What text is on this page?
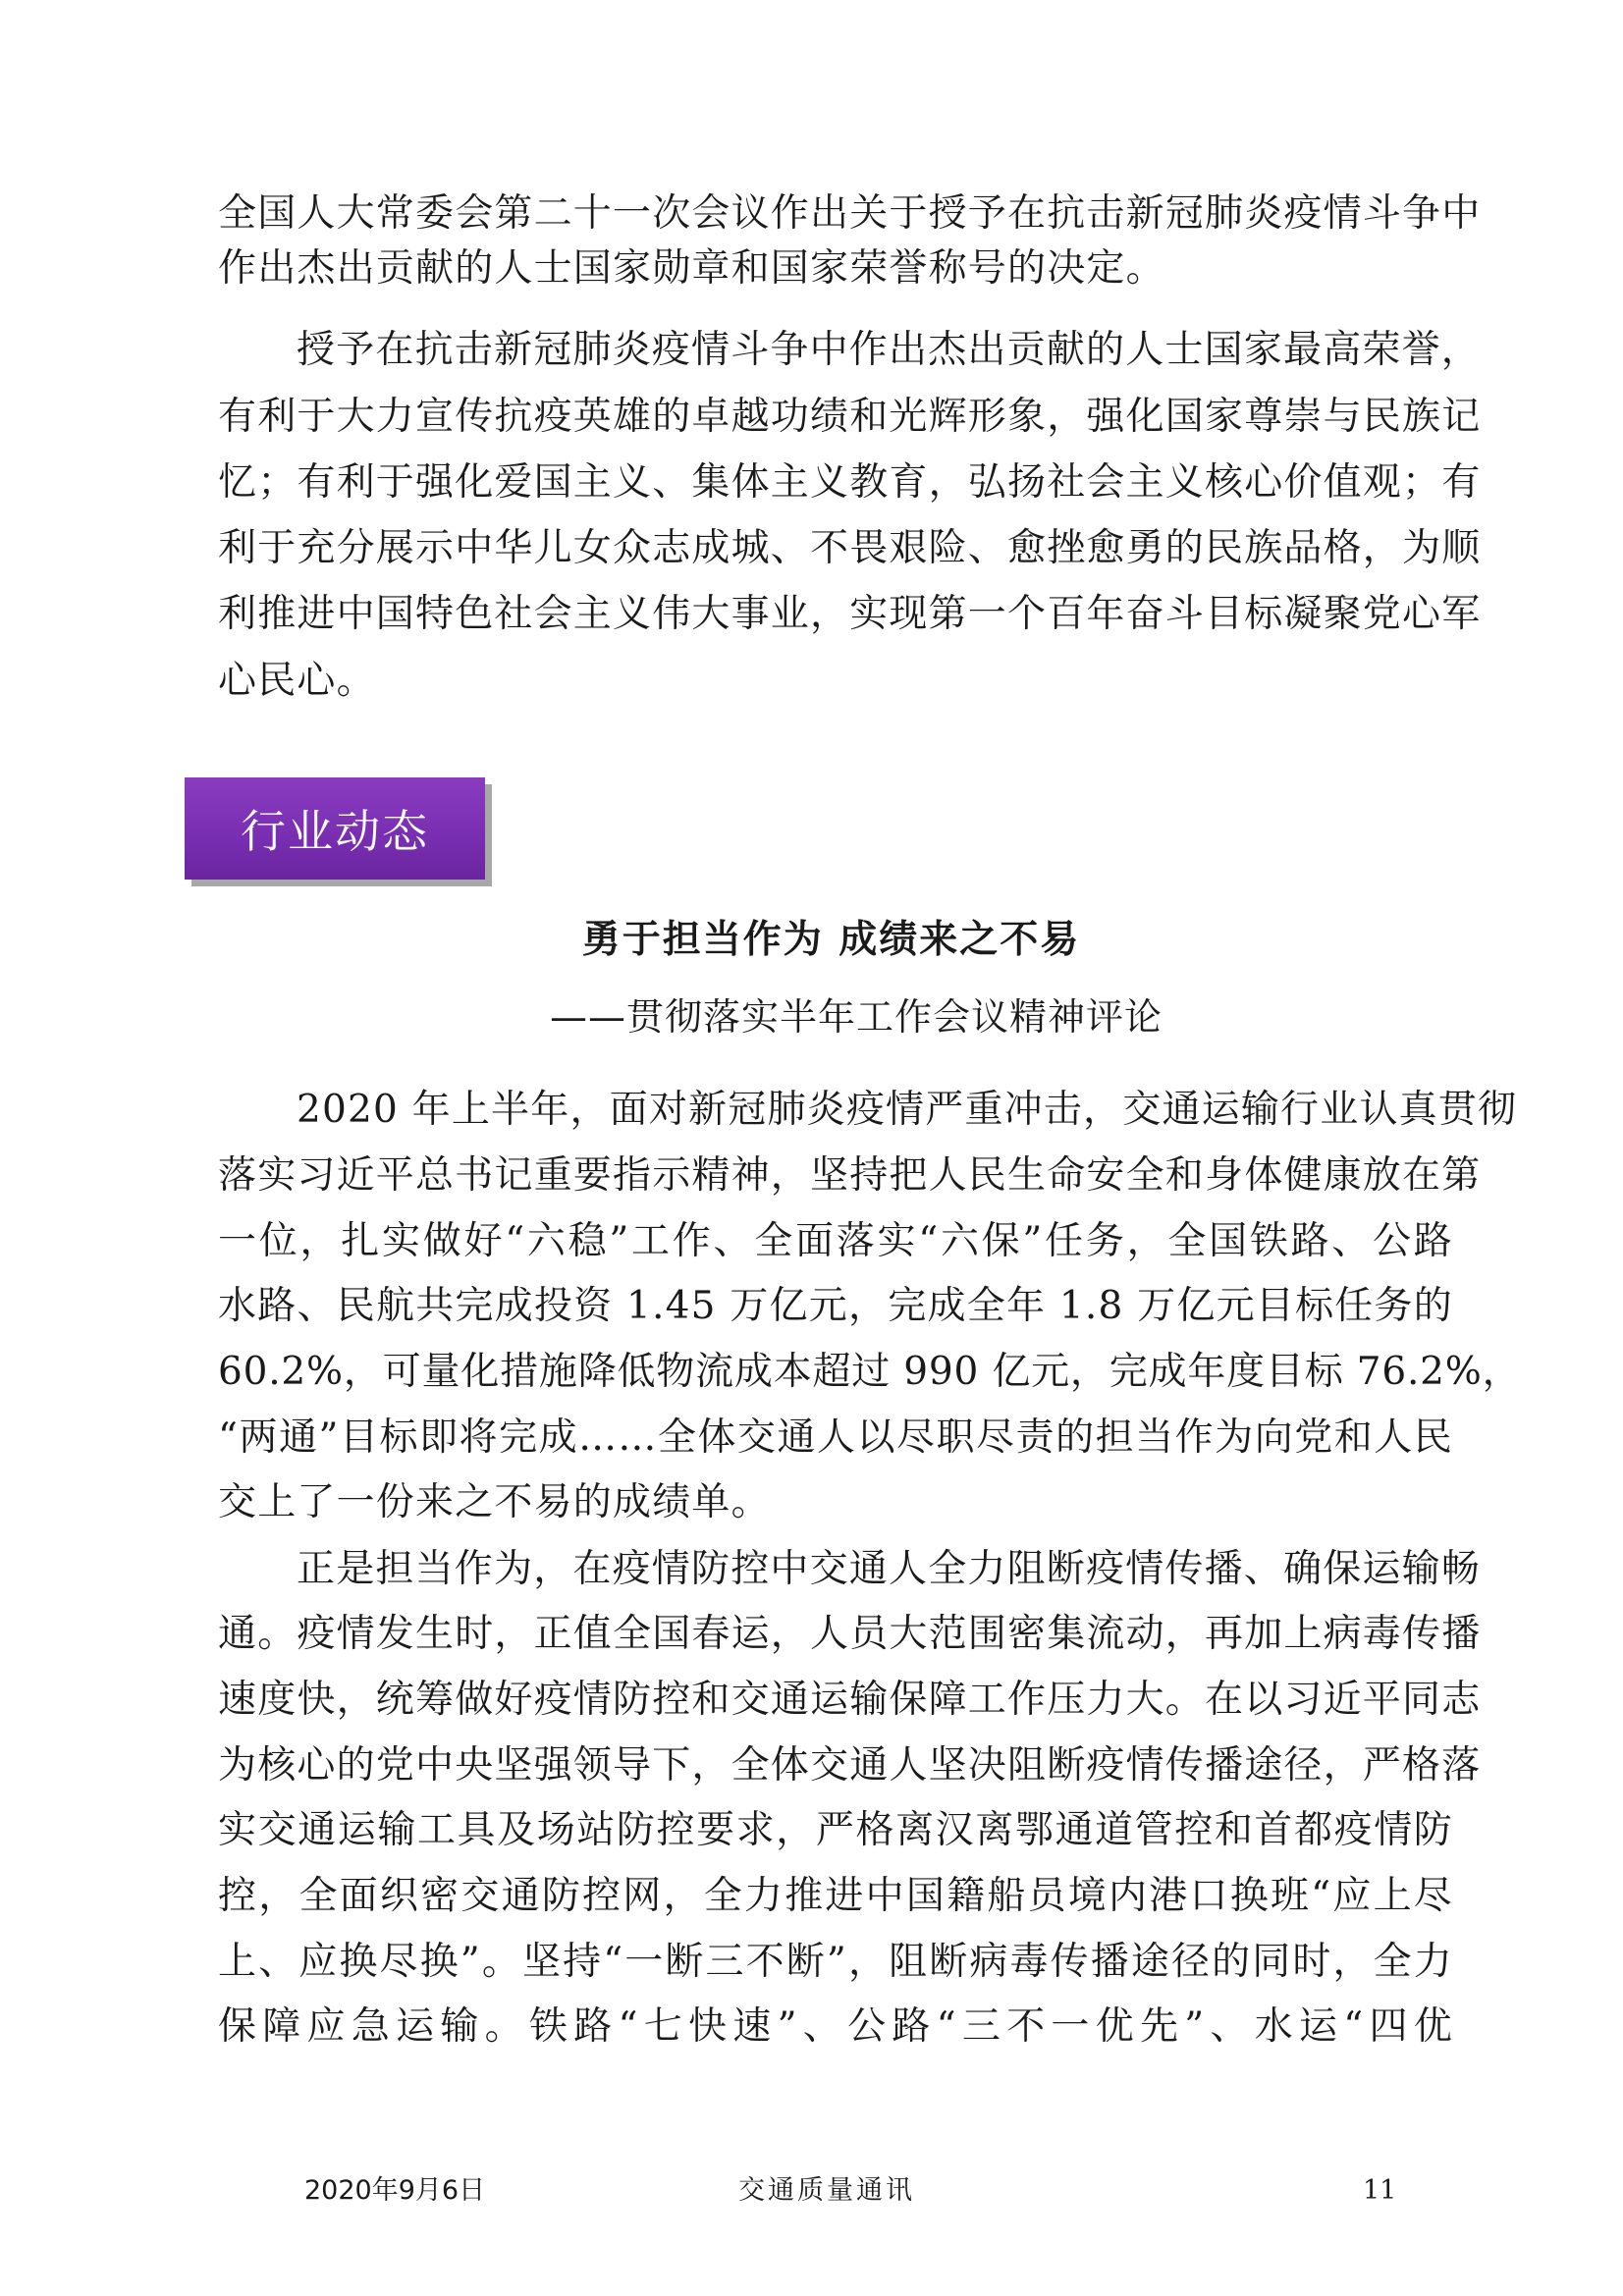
全国人大常委会第二十一次会议作出关于授予在抗击新冠肺炎疫情斗争中
作出杰出贡献的人士国家勋章和国家荣誉称号的决定。
授予在抗击新冠肺炎疫情斗争中作出杰出贡献的人士国家最高荣誉，
有利于大力宣传抗疫英雄的卓越功绩和光辉形象，强化国家尊崇与民族记
忆；有利于强化爱国主义、集体主义教育，弘扬社会主义核心价值观；有
利于充分展示中华儿女众志成城、不畏艰险、愈挫愈勇的民族品格，为顺
利推进中国特色社会主义伟大事业，实现第一个百年奋斗目标凝聚党心军
心民心。
行业动态
勇于担当作为 成绩来之不易
——贯彻落实半年工作会议精神评论
2020 年上半年，面对新冠肺炎疫情严重冲击，交通运输行业认真贯彻
落实习近平总书记重要指示精神，坚持把人民生命安全和身体健康放在第
一位，扎实做好“六稳”工作、全面落实“六保”任务，全国铁路、公路
水路、民航共完成投资 1.45 万亿元，完成全年 1.8 万亿元目标任务的
60.2%，可量化措施降低物流成本超过 990 亿元，完成年度目标 76.2%，
“两通”目标即将完成……全体交通人以尽职尽责的担当作为向党和人民
交上了一份来之不易的成绩单。
正是担当作为，在疫情防控中交通人全力阻断疫情传播、确保运输畅
通。疫情发生时，正值全国春运，人员大范围密集流动，再加上病毒传播
速度快，统筹做好疫情防控和交通运输保障工作压力大。在以习近平同志
为核心的党中央坚强领导下，全体交通人坚决阻断疫情传播途径，严格落
实交通运输工具及场站防控要求，严格离汉离鄂通道管控和首都疫情防
控，全面织密交通防控网，全力推进中国籍船员境内港口换班“应上尽
上、应换尽换”。坚持“一断三不断”，阻断病毒传播途径的同时，全力
保障应急运输。铁路“七快速”、公路“三不一优先”、水运“四优
2020年9月6日	交通质量通讯	11
